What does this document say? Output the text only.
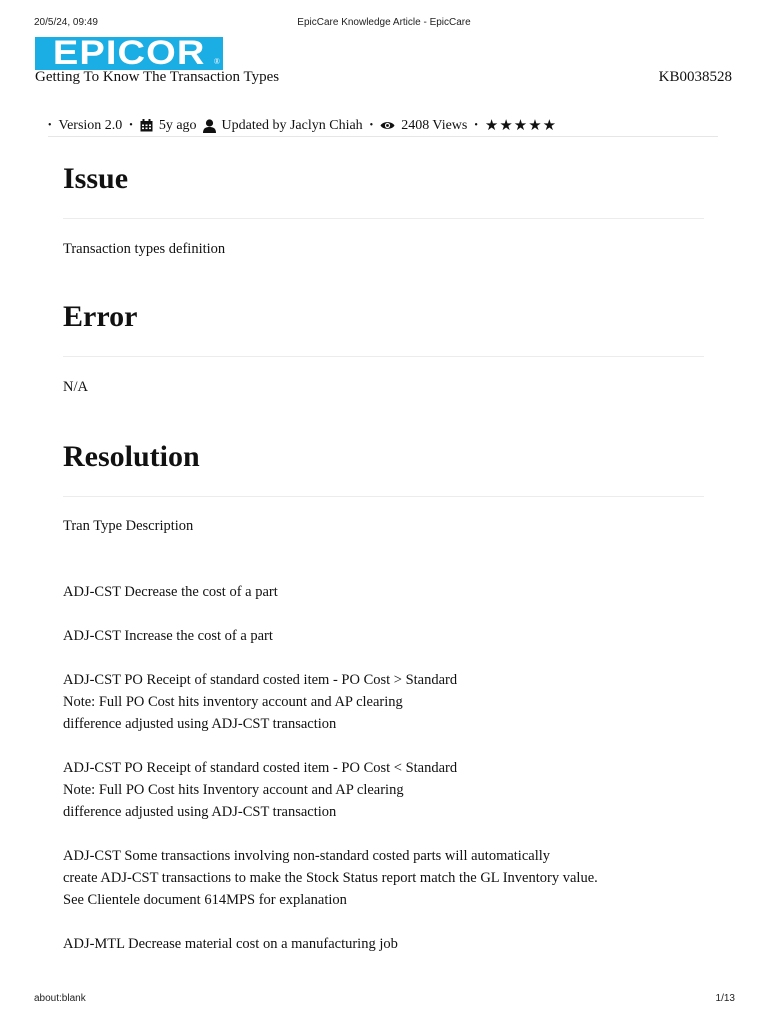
20/5/24, 09:49	EpicCare Knowledge Article - EpicCare
EPICOR $_®$
Getting To Know The Transaction Types	KB0038528
• Version 2.0 • 5y ago Updated by Jaclyn Chiah • 2408 Views • ★★★★★
Issue

Transaction types definition

Error

N/A

Resolution

Tran Type Description

ADJ-CST Decrease the cost of a part

ADJ-CST Increase the cost of a part

ADJ-CST PO Receipt of standard costed item - PO Cost > Standard

Note: Full PO Cost hits inventory account and AP clearing

difference adjusted using ADJ-CST transaction

ADJ-CST PO Receipt of standard costed item - PO Cost < Standard

Note: Full PO Cost hits Inventory account and AP clearing

difference adjusted using ADJ-CST transaction

ADJ-CST Some transactions involving non-standard costed parts will automatically

create ADJ-CST transactions to make the Stock Status report match the GL Inventory value.

See Clientele document 614MPS for explanation

ADJ-MTL Decrease material cost on a manufacturing job

about:blank	1/13
